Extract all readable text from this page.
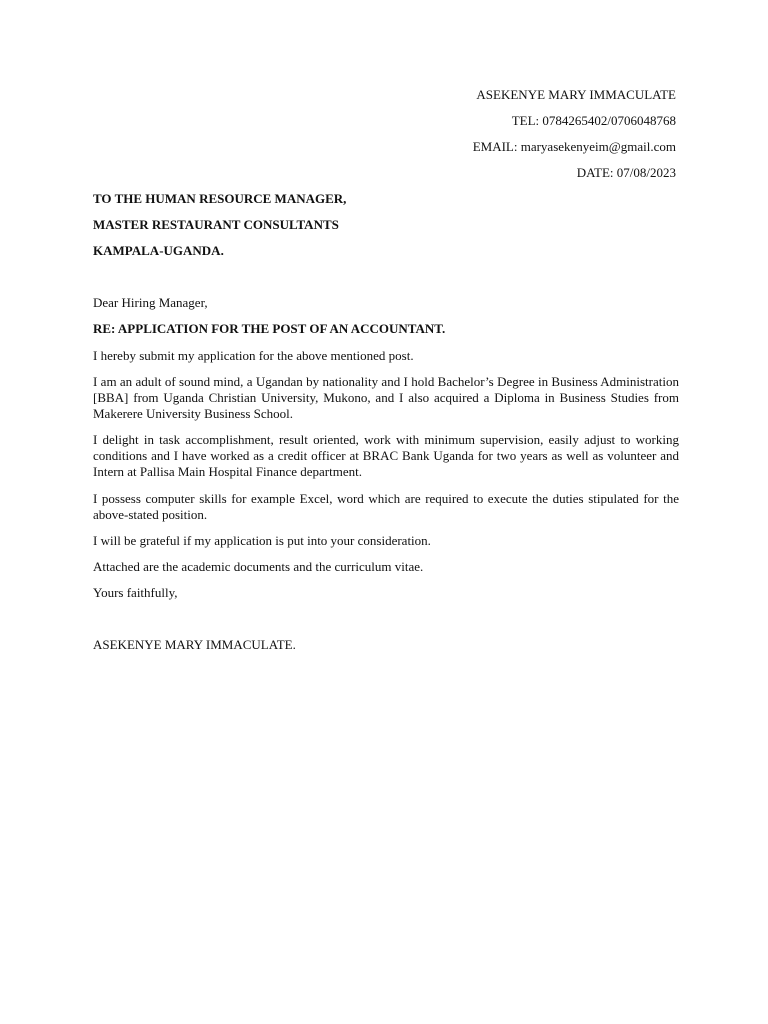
ASEKENYE MARY IMMACULATE
TEL: 0784265402/0706048768
EMAIL: maryasekenyeim@gmail.com
DATE: 07/08/2023
TO THE HUMAN RESOURCE MANAGER,
MASTER RESTAURANT CONSULTANTS
KAMPALA-UGANDA.
Dear Hiring Manager,
RE: APPLICATION FOR THE POST OF AN ACCOUNTANT.
I hereby submit my application for the above mentioned post.
I am an adult of sound mind, a Ugandan by nationality and I hold Bachelor’s Degree in Business Administration [BBA] from Uganda Christian University, Mukono, and I also acquired a Diploma in Business Studies from Makerere University Business School.
I delight in task accomplishment, result oriented, work with minimum supervision, easily adjust to working conditions and I have worked as a credit officer at BRAC Bank Uganda for two years as well as volunteer and Intern at Pallisa Main Hospital Finance department.
I possess computer skills for example Excel, word which are required to execute the duties stipulated for the above-stated position.
I will be grateful if my application is put into your consideration.
Attached are the academic documents and the curriculum vitae.
Yours faithfully,
ASEKENYE MARY IMMACULATE.
